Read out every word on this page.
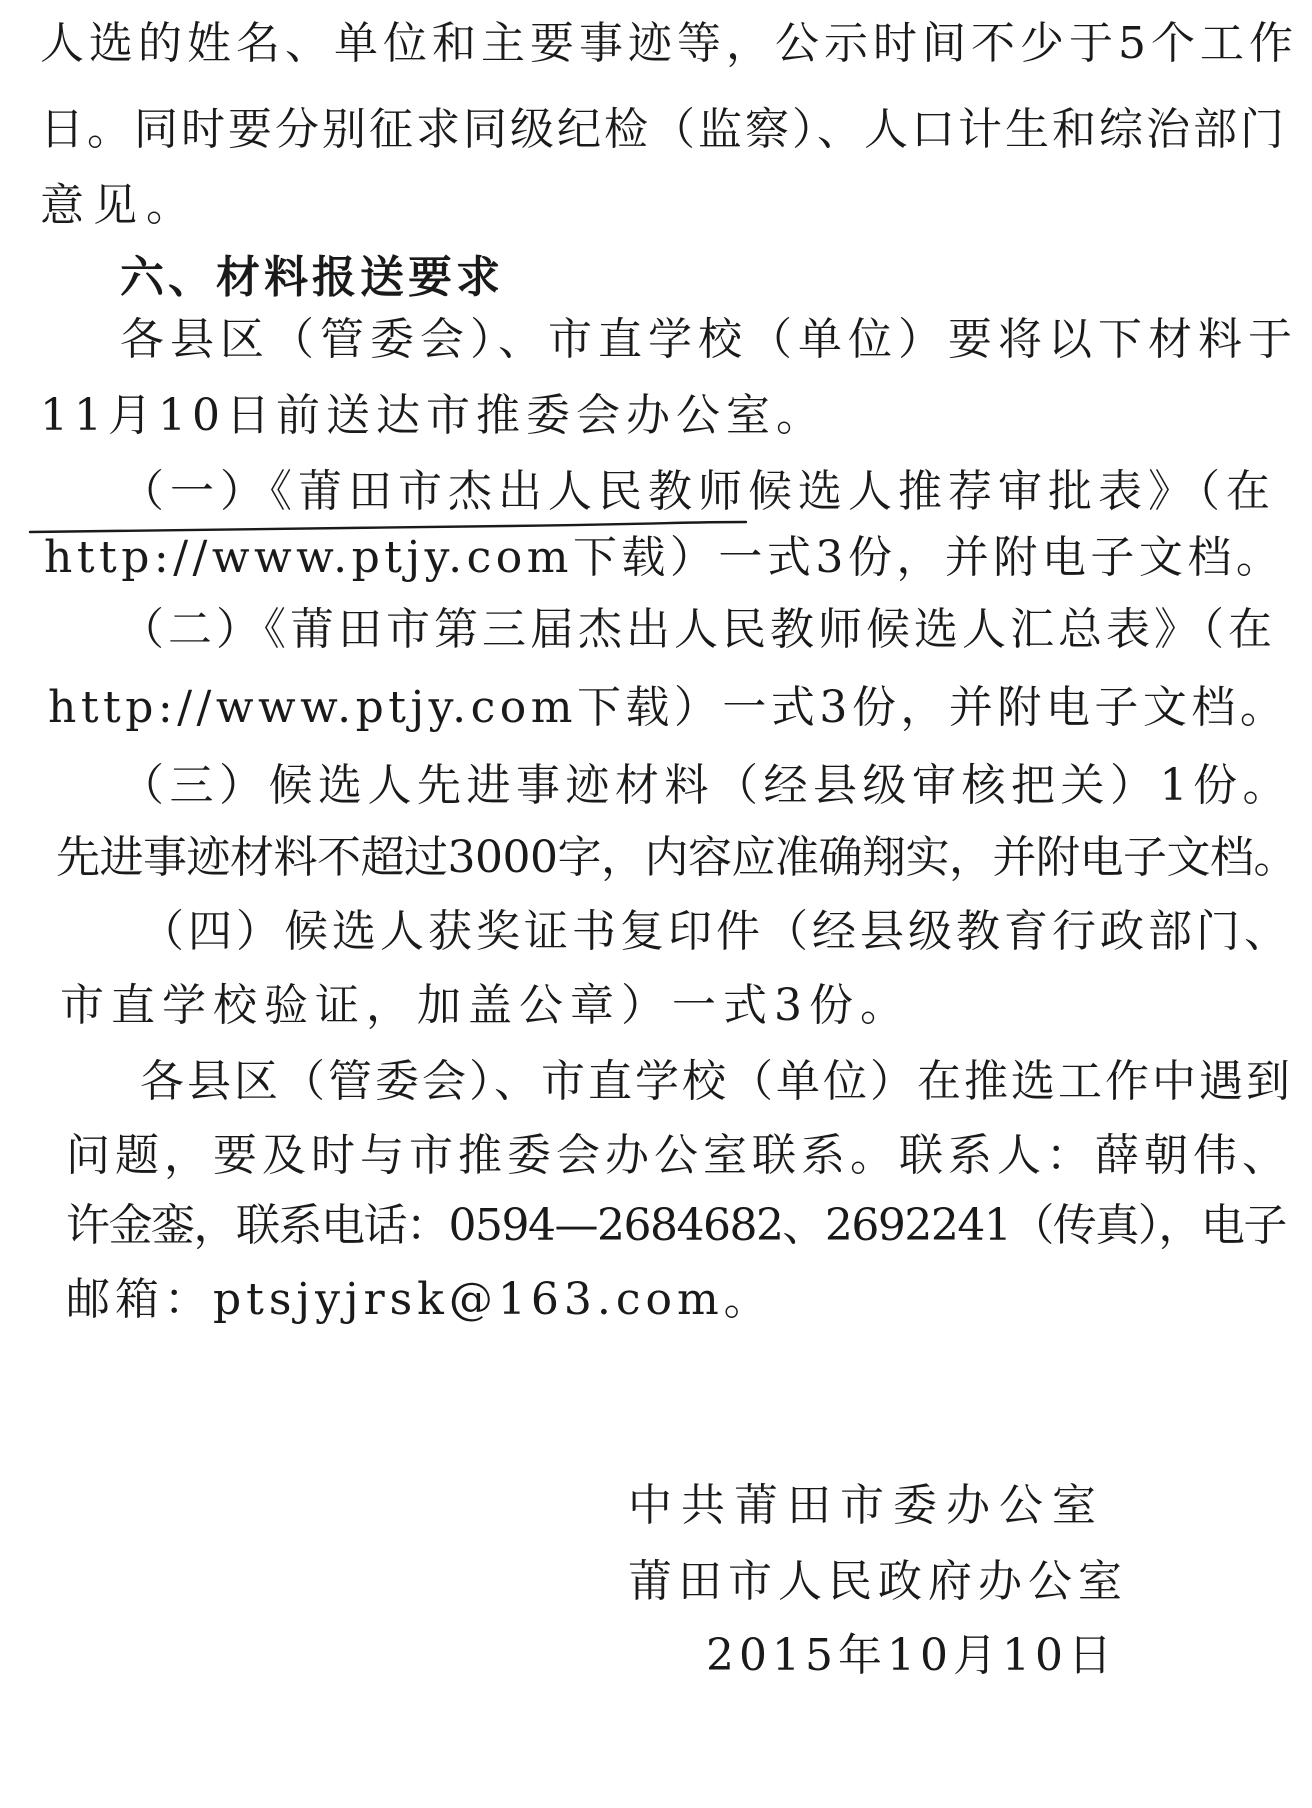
人选的姓名、单位和主要事迹等，公示时间不少于5个工作
日。同时要分别征求同级纪检（监察）、人口计生和综治部门
意见。
六、材料报送要求
各县区（管委会）、市直学校（单位）要将以下材料于
11月10日前送达市推委会办公室。
（一）《莆田市杰出人民教师候选人推荐审批表》（在
http://www.ptjy.com下载）一式3份，并附电子文档。
（二）《莆田市第三届杰出人民教师候选人汇总表》（在
http://www.ptjy.com下载）一式3份，并附电子文档。
（三）候选人先进事迹材料（经县级审核把关）1份。
先进事迹材料不超过3000字，内容应准确翔实，并附电子文档。
（四）候选人获奖证书复印件（经县级教育行政部门、
市直学校验证，加盖公章）一式3份。
各县区（管委会）、市直学校（单位）在推选工作中遇到
问题，要及时与市推委会办公室联系。联系人：薛朝伟、
许金銮，联系电话：0594—2684682、2692241（传真），电子
邮箱：ptsjyjrsk@163.com。
中共莆田市委办公室
莆田市人民政府办公室
2015年10月10日
